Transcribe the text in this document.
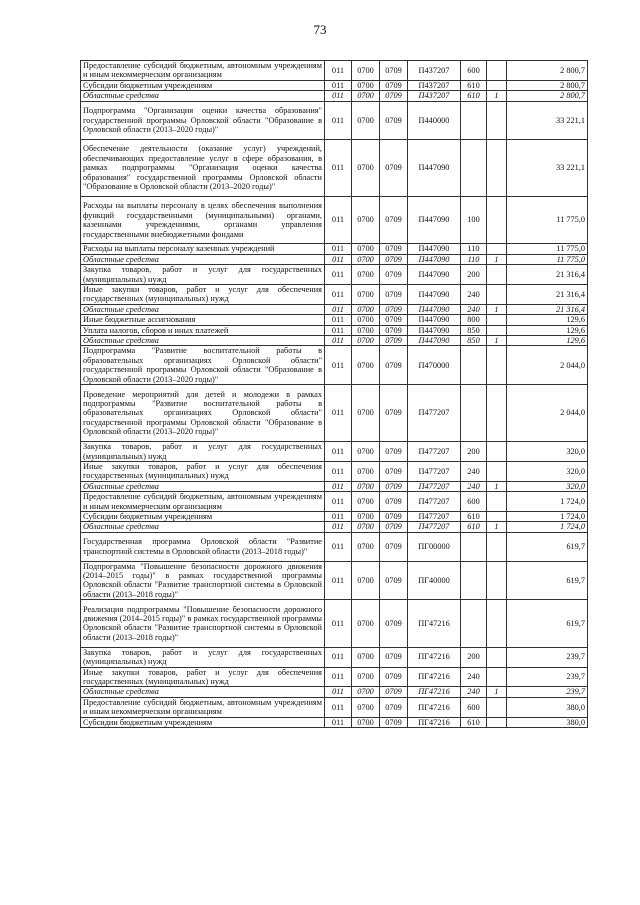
73
Предоставление субсидий бюджетным, автономным учреждениям и иным некоммерческим организациям	011	0700	0709	П437207	600		2 800,7
Субсидии бюджетным учреждениям	011	0700	0709	П437207	610		2 800,7
Областные средства	011	0700	0709	П437207	610	1	2 800,7
Подпрограмма "Организация оценки качества образования" государственной программы Орловской области "Образование в Орловской области (2013–2020 годы)"	011	0700	0709	П440000			33 221,1
Обеспечение деятельности (оказание услуг) учреждений, обеспечивающих предоставление услуг в сфере образования, в рамках подпрограммы "Организация оценки качества образования" государственной программы Орловской области "Образование в Орловской области (2013–2020 годы)"	011	0700	0709	П447090			33 221,1
Расходы на выплаты персоналу в целях обеспечения выполнения функций государственными (муниципальными) органами, казенными учреждениями, органами управления государственными внебюджетными фондами	011	0700	0709	П447090	100		11 775,0
Расходы на выплаты персоналу казенных учреждений	011	0700	0709	П447090	110		11 775,0
Областные средства	011	0700	0709	П447090	110	1	11 775,0
Закупка товаров, работ и услуг для государственных (муниципальных) нужд	011	0700	0709	П447090	200		21 316,4
Иные закупки товаров, работ и услуг для обеспечения государственных (муниципальных) нужд	011	0700	0709	П447090	240		21 316,4
Областные средства	011	0700	0709	П447090	240	1	21 316,4
Иные бюджетные ассигнования	011	0700	0709	П447090	800		129,6
Уплата налогов, сборов и иных платежей	011	0700	0709	П447090	850		129,6
Областные средства	011	0700	0709	П447090	850	1	129,6
Подпрограмма "Развитие воспитательной работы в образовательных организациях Орловской области" государственной программы Орловской области "Образование в Орловской области (2013–2020 годы)"	011	0700	0709	П470000			2 044,0
Проведение мероприятий для детей и молодежи в рамках подпрограммы "Развитие воспитательной работы в образовательных организациях Орловской области" государственной программы Орловской области "Образование в Орловской области (2013–2020 годы)"	011	0700	0709	П477207			2 044,0
Закупка товаров, работ и услуг для государственных (муниципальных) нужд	011	0700	0709	П477207	200		320,0
Иные закупки товаров, работ и услуг для обеспечения государственных (муниципальных) нужд	011	0700	0709	П477207	240		320,0
Областные средства	011	0700	0709	П477207	240	1	320,0
Предоставление субсидий бюджетным, автономным учреждениям и иным некоммерческим организациям	011	0700	0709	П477207	600		1 724,0
Субсидии бюджетным учреждениям	011	0700	0709	П477207	610		1 724,0
Областные средства	011	0700	0709	П477207	610	1	1 724,0
Государственная программа Орловской области "Развитие транспортной системы в Орловской области (2013–2018 годы)"	011	0700	0709	ПГ00000			619,7
Подпрограмма "Повышение безопасности дорожного движения (2014–2015 годы)" в рамках государственной программы Орловской области "Развитие транспортной системы в Орловской области (2013–2018 годы)"	011	0700	0709	ПГ40000			619,7
Реализация подпрограммы "Повышение безопасности дорожного движения (2014–2015 годы)" в рамках государственной программы Орловской области "Развитие транспортной системы в Орловской области (2013–2018 годы)"	011	0700	0709	ПГ47216			619,7
Закупка товаров, работ и услуг для государственных (муниципальных) нужд	011	0700	0709	ПГ47216	200		239,7
Иные закупки товаров, работ и услуг для обеспечения государственных (муниципальных) нужд	011	0700	0709	ПГ47216	240		239,7
Областные средства	011	0700	0709	ПГ47216	240	1	239,7
Предоставление субсидий бюджетным, автономным учреждениям и иным некоммерческим организациям	011	0700	0709	ПГ47216	600		380,0
Субсидии бюджетным учреждениям	011	0700	0709	ПГ47216	610		380,0
